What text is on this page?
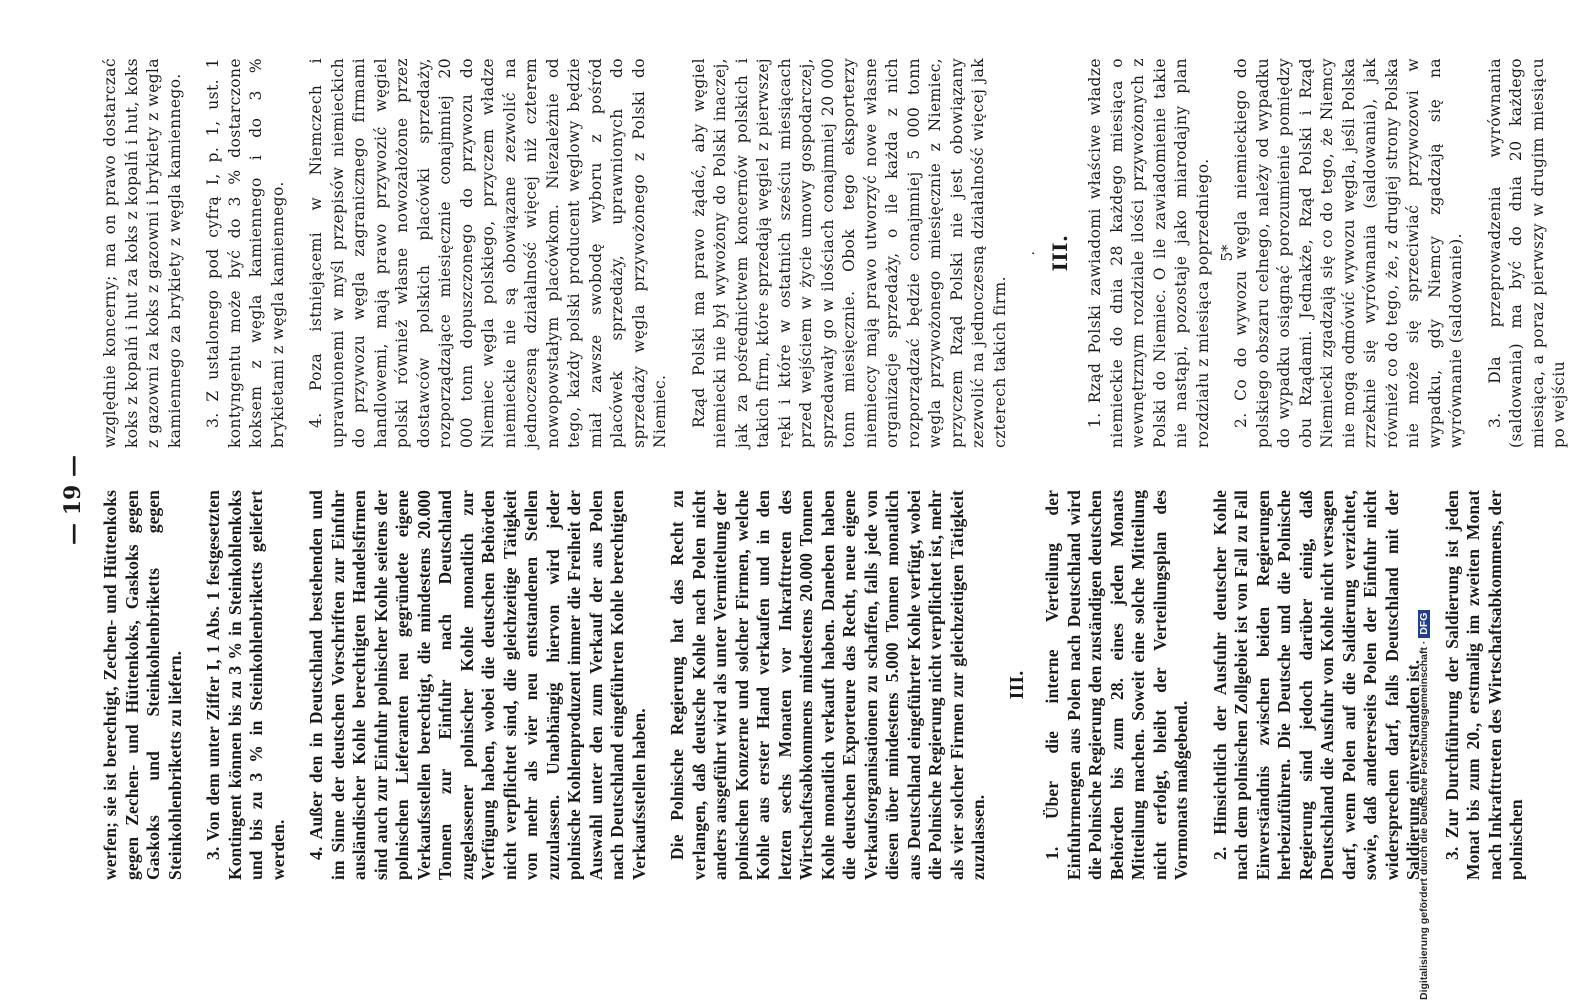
— 19 — werfen; sie ist berechtigt, Zechen- und Hüttenkoks gegen Zechen- und Hüttenkoks, Gaskoks gegen Gaskoks und Steinkohlenbriketts gegen Steinkohlenbriketts zu liefern. 3. Von dem unter Ziffer I, 1 Abs. 1 festgesetzten Kontingent können bis zu 3 % in Steinkohlenkoks und bis zu 3 % in Steinkohlenbriketts geliefert werden. 4. Außer den in Deutschland bestehenden und im Sinne der deutschen Vorschriften zur Einfuhr ausländischer Kohle berechtigten Handelsfirmen sind auch zur Einfuhr polnischer Kohle seitens der polnischen Lieferanten neu gegründete eigene Verkaufsstellen berechtigt, die mindestens 20.000 Tonnen zur Einfuhr nach Deutschland zugelassener polnischer Kohle monatlich zur Verfügung haben, wobei die deutschen Behörden nicht verpflichtet sind, die gleichzeitige Tätigkeit von mehr als vier neu entstandenen Stellen zuzulassen. Unabhängig hiervon wird jeder polnische Kohlenproduzent immer die Freiheit der Auswahl unter den zum Verkauf der aus Polen nach Deutschland eingeführten Kohle berechtigten Verkaufsstellen haben. Die Polnische Regierung hat das Recht zu verlangen, daß deutsche Kohle nach Polen nicht anders ausgeführt wird als unter Vermittelung der polnischen Konzerne und solcher Firmen, welche Kohle aus erster Hand verkaufen und in den letzten sechs Monaten vor Inkrafttreten des Wirtschaftsabkommens mindestens 20.000 Tonnen Kohle monatlich verkauft haben. Daneben haben die deutschen Exporteure das Recht, neue eigene Verkaufsorganisationen zu schaffen, falls jede von diesen über mindestens 5.000 Tonnen monatlich aus Deutschland eingeführter Kohle verfügt, wobei die Polnische Regierung nicht verpflichtet ist, mehr als vier solcher Firmen zur gleichzeitigen Tätigkeit zuzulassen.

III. 1. Über die interne Verteilung der Einfuhrmengen aus Polen nach Deutschland wird die Polnische Regierung den zuständigen deutschen Behörden bis zum 28. eines jeden Monats Mitteilung machen. Soweit eine solche Mitteilung nicht erfolgt, bleibt der Verteilungsplan des Vormonats maßgebend. 2. Hinsichtlich der Ausfuhr deutscher Kohle nach dem polnischen Zollgebiet ist von Fall zu Fall Einverständnis zwischen beiden Regierungen herbeizuführen. Die Deutsche und die Polnische Regierung sind jedoch darüber einig, daß Deutschland die Ausfuhr von Kohle nicht versagen darf, wenn Polen auf die Saldierung verzichtet, sowie, daß andererseits Polen der Einfuhr nicht widersprechen darf, falls Deutschland mit der Saldierung einverstanden ist. 3. Zur Durchführung der Saldierung ist jeden Monat bis zum 20., erstmalig im zweiten Monat nach Inkrafttreten des Wirtschaftsabkommens, der polnischen

względnie koncerny; ma on prawo dostarczać koks z kopalń i hut za koks z kopalń i hut, koks z gazowni za koks z gazowni i brykiety z węgla kamiennego za brykiety z węgla kamiennego. 3. Z ustalonego pod cyfrą I, p. 1, ust. 1 kontyngentu może być do 3 % dostarczone koksem z węgla kamiennego i do 3 % brykietami z węgla kamiennego. 4. Poza istniejącemi w Niemczech i uprawnionemi w myśl przepisów niemieckich do przywozu węgla zagranicznego firmami handlowemi, mają prawo przywozić węgiel polski również własne nowozałożone przez dostawców polskich placówki sprzedaży, rozporządzające miesięcznie conajmniej 20 000 tonn dopuszczonego do przywozu do Niemiec węgla polskiego, przyczem władze niemieckie nie są obowiązane zezwolić na jednoczesną działalność więcej niż czterem nowopowstałym placówkom. Niezależnie od tego, każdy polski producent węglowy będzie miał zawsze swobodę wyboru z pośród placówek sprzedaży, uprawnionych do sprzedaży węgla przywożonego z Polski do Niemiec. Rząd Polski ma prawo żądać, aby węgiel niemiecki nie był wywożony do Polski inaczej, jak za pośrednictwem koncernów polskich i takich firm, które sprzedają węgiel z pierwszej ręki i które w ostatnich sześciu miesiącach przed wejściem w życie umowy gospodarczej, sprzedawały go w ilościach conajmniej 20 000 tonn miesięcznie. Obok tego eksporterzy niemieccy mają prawo utworzyć nowe własne organizacje sprzedaży, o ile każda z nich rozporządzać będzie conajmniej 5 000 tonn węgla przywożonego miesięcznie z Niemiec, przyczem Rząd Polski nie jest obowiązany zezwolić na jednoczesną działalność więcej jak czterech takich firm.

. III. 1. Rząd Polski zawiadomi właściwe władze niemieckie do dnia 28 każdego miesiąca o wewnętrznym rozdziale ilości przywożonych z Polski do Niemiec. O ile zawiadomienie takie nie nastąpi, pozostaje jako miarodajny plan rozdziału z miesiąca poprzedniego. 2. Co do wywozu węgla niemieckiego do polskiego obszaru celnego, należy od wypadku do wypadku osiągnąć porozumienie pomiędzy obu Rządami. Jednakże, Rząd Polski i Rząd Niemiecki zgadzają się co do tego, że Niemcy nie mogą odmówić wywozu węgla, jeśli Polska zrzeknie się wyrównania (saldowania), jak również co do tego, że, z drugiej strony Polska nie może się sprzeciwiać przywozowi w wypadku, gdy Niemcy zgadzają się na wyrównanie (saldowanie). 3. Dla przeprowadzenia wyrównania (saldowania) ma być do dnia 20 każdego miesiąca, a poraz pierwszy w drugim miesiącu po wejściu

5*
Digitalisierung gefördert durch die Deutsche Forschungsgemeinschaft · DFG
